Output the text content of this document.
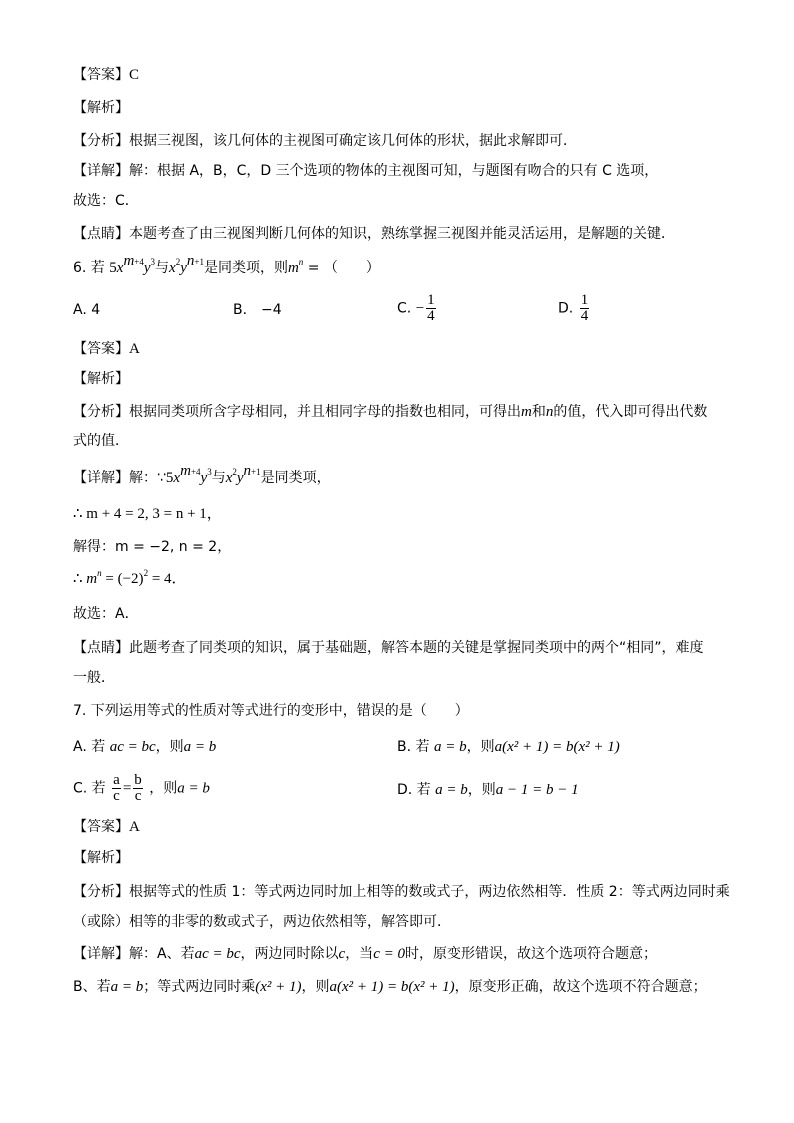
【答案】C
【解析】
【分析】根据三视图，该几何体的主视图可确定该几何体的形状，据此求解即可．
【详解】解：根据 A，B，C，D 三个选项的物体的主视图可知，与题图有吻合的只有 C 选项，
故选：C．
【点睛】本题考查了由三视图判断几何体的知识，熟练掌握三视图并能灵活运用，是解题的关键．
6. 若 $5x^{m+4}y^3$与$x^2y^{n+1}$是同类项，则$m^n$ = （　　）
A. 4	B.　−4	C. − $\frac{1}{4}$	D. $\frac{1}{4}$
【答案】A
【解析】
【分析】根据同类项所含字母相同，并且相同字母的指数也相同，可得出m和n的值，代入即可得出代数
式的值．
【详解】解：$\because 5x^{m+4}y^3$与$x^2y^{n+1}$是同类项，
∴ m + 4 = 2, 3 = n + 1，
解得：m = −2, n = 2，
∴ $m^n = (-2)^2 = 4$．
故选：A．
【点睛】此题考查了同类项的知识，属于基础题，解答本题的关键是掌握同类项中的两个“相同”，难度
一般．
7. 下列运用等式的性质对等式进行的变形中，错误的是（　　）
A. 若 ac = bc，则a = b	B. 若 a = b，则a(x² + 1) = b(x² + 1)
C. 若 $\frac{a}{c} = \frac{b}{c}$ ，则a = b	D. 若 a = b，则a − 1 = b − 1
【答案】A
【解析】
【分析】根据等式的性质 1：等式两边同时加上相等的数或式子，两边依然相等．性质 2：等式两边同时乘
（或除）相等的非零的数或式子，两边依然相等，解答即可．
【详解】解：A、若ac = bc，两边同时除以c，当c = 0时，原变形错误，故这个选项符合题意；
B、若a = b；等式两边同时乘(x² + 1)，则a(x² + 1) = b(x² + 1)，原变形正确，故这个选项不符合题意；
